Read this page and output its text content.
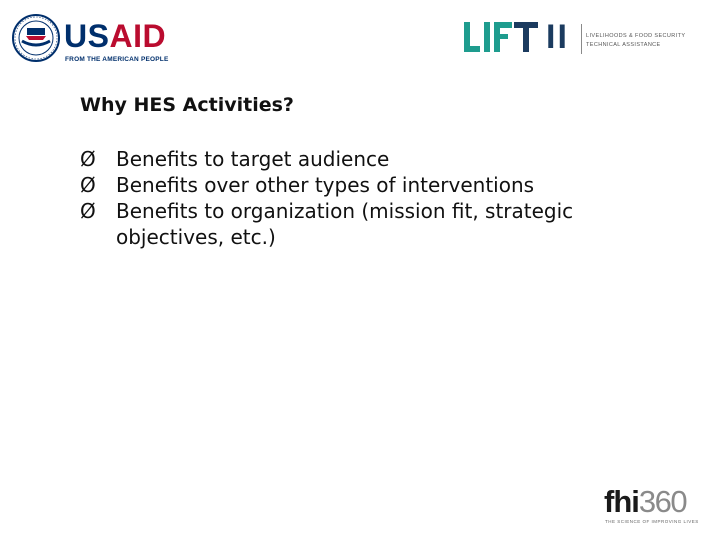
USAID
FROM THE AMERICAN PEOPLE
II	LIVELIHOODS & FOOD SECURITY
TECHNICAL ASSISTANCE
Why HES Activities?
Ø Benefits to target audience
Ø Benefits over other types of interventions
Ø Benefits to organization (mission fit, strategic objectives, etc.)
fhi360
THE SCIENCE OF IMPROVING LIVES
